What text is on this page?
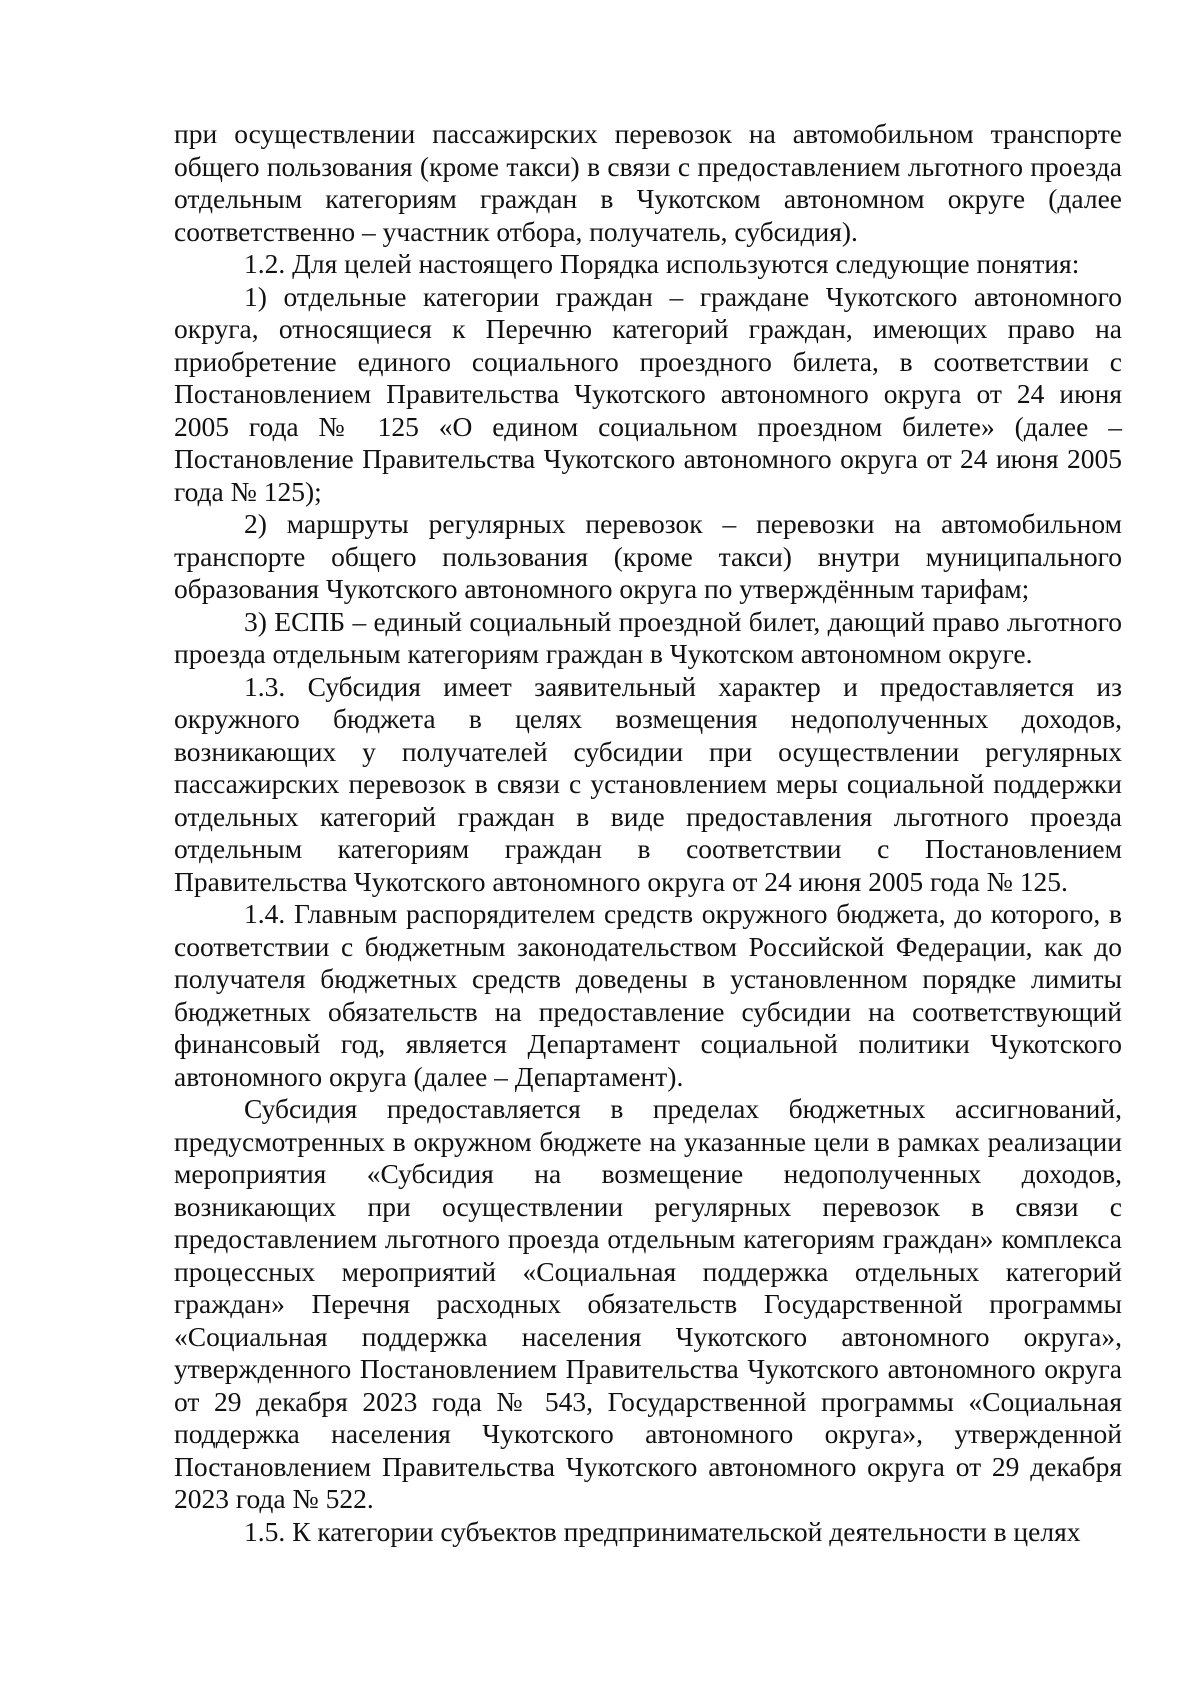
при осуществлении пассажирских перевозок на автомобильном транспорте общего пользования (кроме такси) в связи с предоставлением льготного проезда отдельным категориям граждан в Чукотском автономном округе (далее соответственно – участник отбора, получатель, субсидия).

1.2. Для целей настоящего Порядка используются следующие понятия:

1) отдельные категории граждан – граждане Чукотского автономного округа, относящиеся к Перечню категорий граждан, имеющих право на приобретение единого социального проездного билета, в соответствии с Постановлением Правительства Чукотского автономного округа от 24 июня 2005 года № 125 «О едином социальном проездном билете» (далее – Постановление Правительства Чукотского автономного округа от 24 июня 2005 года № 125);

2) маршруты регулярных перевозок – перевозки на автомобильном транспорте общего пользования (кроме такси) внутри муниципального образования Чукотского автономного округа по утверждённым тарифам;

3) ЕСПБ – единый социальный проездной билет, дающий право льготного проезда отдельным категориям граждан в Чукотском автономном округе.

1.3. Субсидия имеет заявительный характер и предоставляется из окружного бюджета в целях возмещения недополученных доходов, возникающих у получателей субсидии при осуществлении регулярных пассажирских перевозок в связи с установлением меры социальной поддержки отдельных категорий граждан в виде предоставления льготного проезда отдельным категориям граждан в соответствии с Постановлением Правительства Чукотского автономного округа от 24 июня 2005 года № 125.

1.4. Главным распорядителем средств окружного бюджета, до которого, в соответствии с бюджетным законодательством Российской Федерации, как до получателя бюджетных средств доведены в установленном порядке лимиты бюджетных обязательств на предоставление субсидии на соответствующий финансовый год, является Департамент социальной политики Чукотского автономного округа (далее – Департамент).

Субсидия предоставляется в пределах бюджетных ассигнований, предусмотренных в окружном бюджете на указанные цели в рамках реализации мероприятия «Субсидия на возмещение недополученных доходов, возникающих при осуществлении регулярных перевозок в связи с предоставлением льготного проезда отдельным категориям граждан» комплекса процессных мероприятий «Социальная поддержка отдельных категорий граждан» Перечня расходных обязательств Государственной программы «Социальная поддержка населения Чукотского автономного округа», утвержденного Постановлением Правительства Чукотского автономного округа от 29 декабря 2023 года № 543, Государственной программы «Социальная поддержка населения Чукотского автономного округа», утвержденной Постановлением Правительства Чукотского автономного округа от 29 декабря 2023 года № 522.

1.5. К категории субъектов предпринимательской деятельности в целях
